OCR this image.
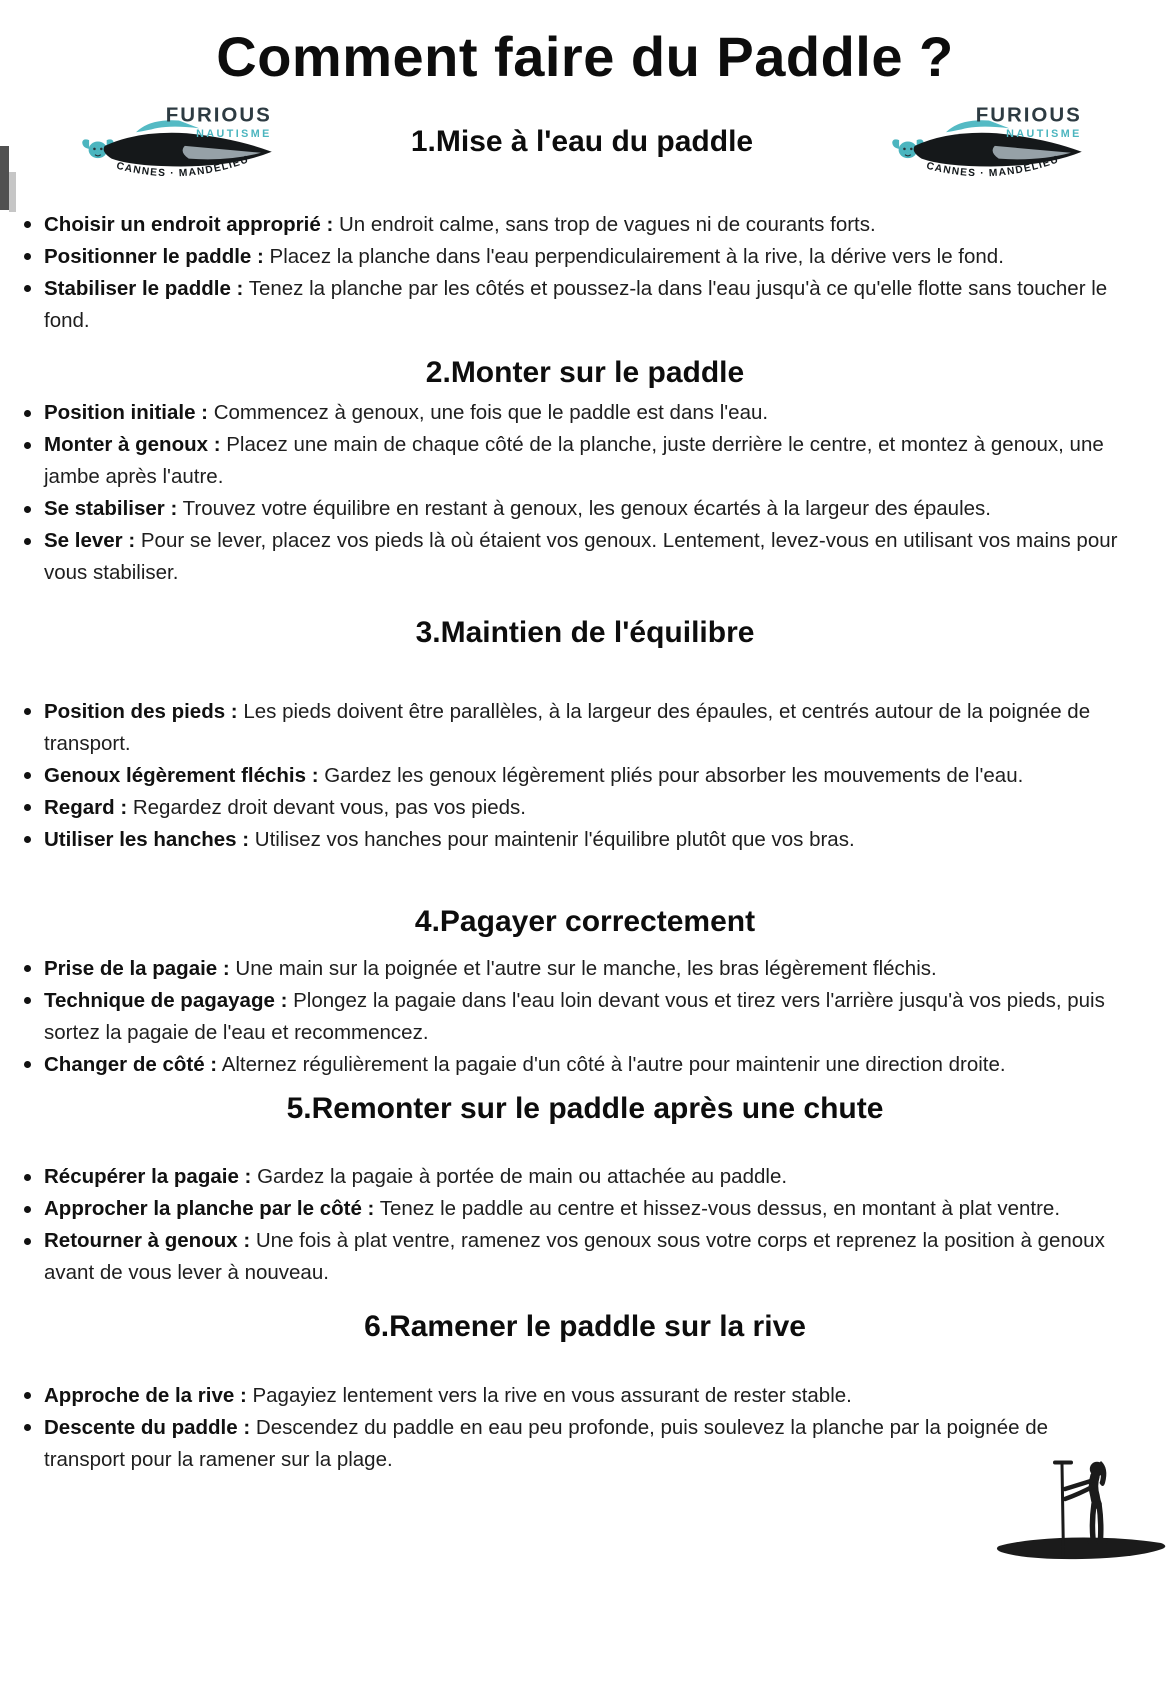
Comment faire du Paddle ?
FURIOUS
NAUTISME
CANNES · MANDELIEU
1.Mise à l'eau du paddle
FURIOUS
NAUTISME
CANNES · MANDELIEU
Choisir un endroit approprié : Un endroit calme, sans trop de vagues ni de courants forts.
Positionner le paddle : Placez la planche dans l'eau perpendiculairement à la rive, la dérive vers le fond.
Stabiliser le paddle : Tenez la planche par les côtés et poussez-la dans l'eau jusqu'à ce qu'elle flotte sans toucher le fond.
2.Monter sur le paddle
Position initiale : Commencez à genoux, une fois que le paddle est dans l'eau.
Monter à genoux : Placez une main de chaque côté de la planche, juste derrière le centre, et montez à genoux, une jambe après l'autre.
Se stabiliser : Trouvez votre équilibre en restant à genoux, les genoux écartés à la largeur des épaules.
Se lever : Pour se lever, placez vos pieds là où étaient vos genoux. Lentement, levez-vous en utilisant vos mains pour vous stabiliser.
3.Maintien de l'équilibre
Position des pieds : Les pieds doivent être parallèles, à la largeur des épaules, et centrés autour de la poignée de transport.
Genoux légèrement fléchis : Gardez les genoux légèrement pliés pour absorber les mouvements de l'eau.
Regard : Regardez droit devant vous, pas vos pieds.
Utiliser les hanches : Utilisez vos hanches pour maintenir l'équilibre plutôt que vos bras.
4.Pagayer correctement
Prise de la pagaie : Une main sur la poignée et l'autre sur le manche, les bras légèrement fléchis.
Technique de pagayage : Plongez la pagaie dans l'eau loin devant vous et tirez vers l'arrière jusqu'à vos pieds, puis sortez la pagaie de l'eau et recommencez.
Changer de côté : Alternez régulièrement la pagaie d'un côté à l'autre pour maintenir une direction droite.
5.Remonter sur le paddle après une chute
Récupérer la pagaie : Gardez la pagaie à portée de main ou attachée au paddle.
Approcher la planche par le côté : Tenez le paddle au centre et hissez-vous dessus, en montant à plat ventre.
Retourner à genoux : Une fois à plat ventre, ramenez vos genoux sous votre corps et reprenez la position à genoux avant de vous lever à nouveau.
6.Ramener le paddle sur la rive
Approche de la rive : Pagayiez lentement vers la rive en vous assurant de rester stable.
Descente du paddle : Descendez du paddle en eau peu profonde, puis soulevez la planche par la poignée de transport pour la ramener sur la plage.
